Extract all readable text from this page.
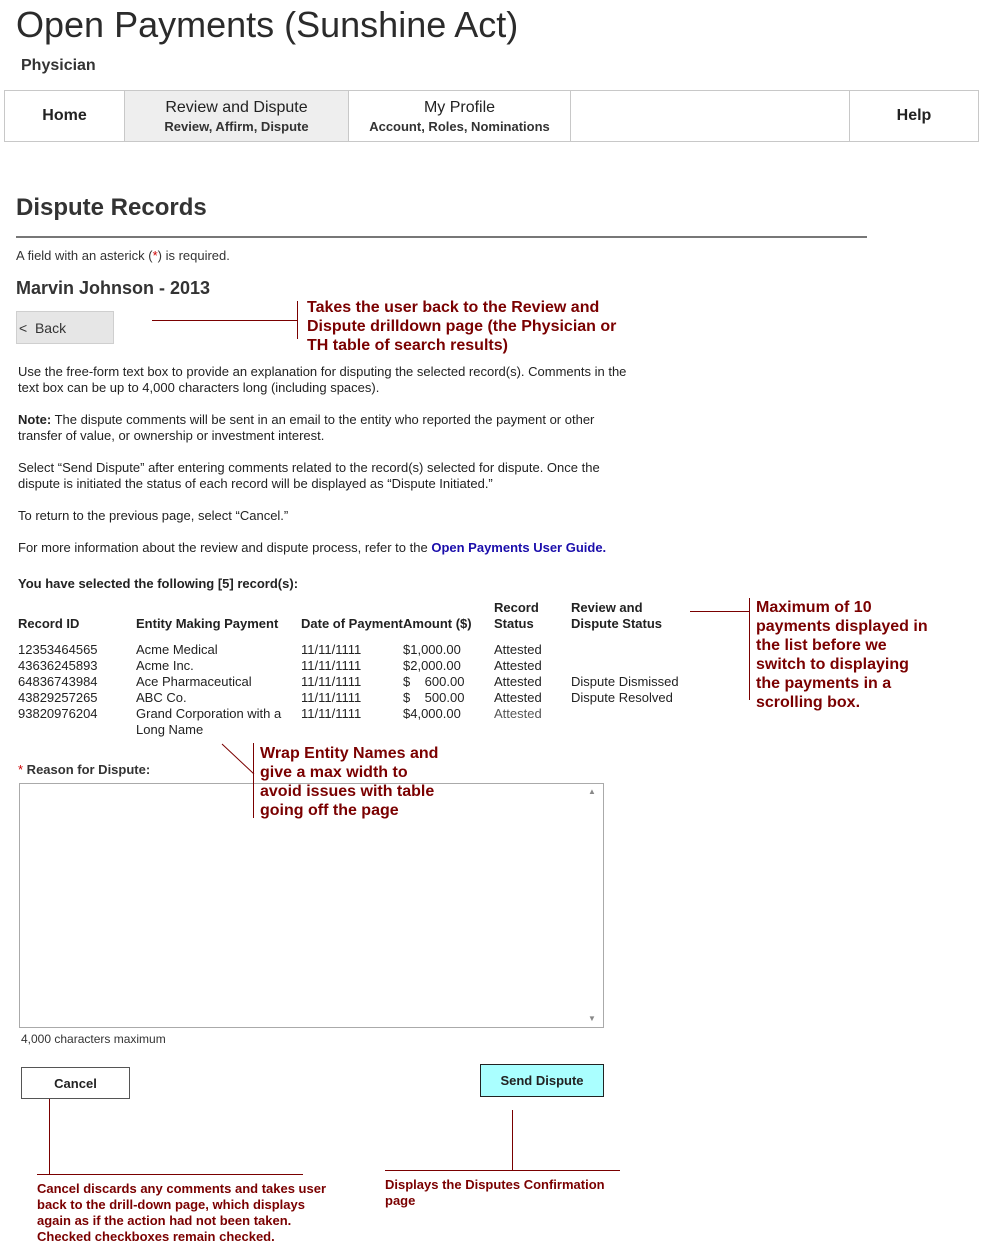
Open Payments (Sunshine Act)
Physician
Home	Review and Dispute
Review, Affirm, Dispute
My Profile
Account, Roles, Nominations
Help
Dispute Records
A field with an asterick (*) is required.
Marvin Johnson - 2013
<
Back
Use the free-form text box to provide an explanation for disputing the selected record(s). Comments in the text box can be up to 4,000 characters long (including spaces).
Note: The dispute comments will be sent in an email to the entity who reported the payment or other transfer of value, or ownership or investment interest.
Select “Send Dispute” after entering comments related to the record(s) selected for dispute. Once the dispute is initiated the status of each record will be displayed as “Dispute Initiated.”
To return to the previous page, select “Cancel.”
For more information about the review and dispute process, refer to the Open Payments User Guide.
You have selected the following [5] record(s):
Record ID	Entity Making Payment	Date of Payment	Amount ($)	Record Status	Review and Dispute Status
12353464565	Acme Medical	11/11/1111	$1,000.00	Attested	
43636245893	Acme Inc.	11/11/1111	$2,000.00	Attested	
64836743984	Ace Pharmaceutical	11/11/1111	$    600.00	Attested	Dispute Dismissed
43829257265	ABC Co.	11/11/1111	$    500.00	Attested	Dispute Resolved
93820976204	Grand Corporation with a Long Name	11/11/1111	$4,000.00	Attested	
* Reason for Dispute:
▲
▼
4,000 characters maximum
Cancel	Send Dispute
Takes the user back to the Review and Dispute drilldown page (the Physician or TH table of search results)
Maximum of 10 payments displayed in the list before we switch to displaying the payments in a scrolling box.
Wrap Entity Names and give a max width to avoid issues with table going off the page
Cancel discards any comments and takes user back to the drill-down page, which displays again as if the action had not been taken. Checked checkboxes remain checked.
Displays the Disputes Confirmation page
